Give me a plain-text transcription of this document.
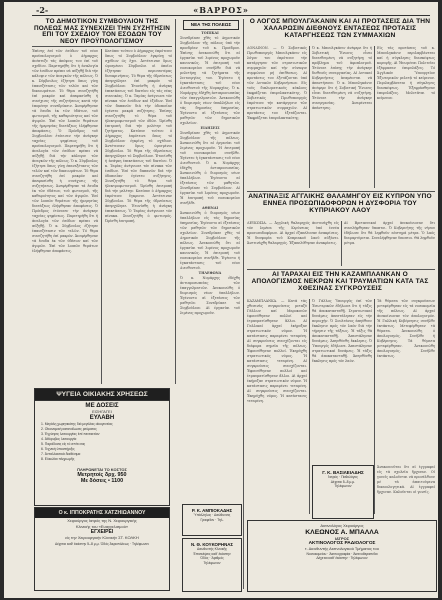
-2-	«ΒΑΡΡΟΣ»
ΤΟ ΔΗΜΟΤΙΚΟΝ ΣΥΜΒΟΥΛΙΟΝ ΤΗΣ ΠΟΛΕΩΣ ΜΑΣ ΣΥΝΕΧΙΖΕΙ ΤΗΝ ΣΥΖΗΤΗΣΙΝ ΕΠΙ ΤΟΥ ΣΧΕΔΙΟΥ ΤΟΝ ΕΣΟΔΩΝ ΤΟΥ ΝΕΟΥ ΠΡΟΫΠΟΛΟΓΙΣΜΟΥ
Ἐπίσης ἐπί τῶν ἐσόδων τοῦ νέου προϋπολογισμοῦ ὁ Δήμαρχος ἀνέπτυξε τάς ἀπόψεις του ἐπί τοῦ σχεδίου. Παρετηρήθη ὅτι ἡ ἀναλογία τῶν ἐσόδων πρέπει νά αὐξηθῇ διά τήν κάλυψιν τῶν ἀναγκῶν τῆς πόλεως. Ὁ κ. Σύμβουλος ἐζήτησε ὅπως γίνῃ ἐπανεξέτασις τῶν τελῶν καί τῶν δικαιωμάτων. Τό θέμα συνεζητήθη ἐπί μακρόν καί ἀπεφασίσθη ἡ συνέχισις τῆς συζητήσεως κατά τήν ἑπομένην συνεδρίασιν. Ἀνεφέρθησαν τά ἔσοδα ἐκ τῶν ὑδάτων, τοῦ φωτισμοῦ, τῆς καθαριότητος καί τῶν ἀγορῶν. Ἐπί τῶν λοιπῶν θεμάτων τῆς ἡμερησίας διατάξεως ἐλήφθησαν ἀποφάσεις. Ὁ Πρόεδρος τοῦ Συμβουλίου ἐτόνισεν τήν ἀνάγκην ταχείας ψηφίσεως τοῦ προϋπολογισμοῦ. Παρετηρήθη ὅτι ἡ ἀναλογία τῶν ἐσόδων πρέπει νά αὐξηθῇ διά τήν κάλυψιν τῶν ἀναγκῶν τῆς πόλεως. Ὁ κ. Σύμβουλος ἐζήτησε ὅπως γίνῃ ἐπανεξέτασις τῶν τελῶν καί τῶν δικαιωμάτων. Τό θέμα συνεζητήθη ἐπί μακρόν καί ἀπεφασίσθη ἡ συνέχισις τῆς συζητήσεως. Ἀνεφέρθησαν τά ἔσοδα ἐκ τῶν ὑδάτων, τοῦ φωτισμοῦ, τῆς καθαριότητος καί τῶν ἀγορῶν. Ἐπί τῶν λοιπῶν θεμάτων τῆς ἡμερησίας διατάξεως ἐλήφθησαν ἀποφάσεις. Ὁ Πρόεδρος ἐτόνισεν τήν ἀνάγκην ταχείας ψηφίσεως. Παρετηρήθη ὅτι ἡ ἀναλογία τῶν ἐσόδων πρέπει νά αὐξηθῇ. Ὁ κ. Σύμβουλος ἐζήτησε ἐπανεξέτασιν τῶν τελῶν. Τό θέμα συνεζητήθη ἐπί μακρόν. Ἀνεφέρθησαν τά ἔσοδα ἐκ τῶν ὑδάτων καί τῶν ἀγορῶν. Ἐπί τῶν λοιπῶν θεμάτων ἐλήφθησαν ἀποφάσεις.
Κατόπιν τούτου ὁ Δήμαρχος ἐπρότεινε ὅπως τό Συμβούλιον ἐγκρίνῃ τό σχέδιον ὡς ἔχει. Ἀντέτειναν ὅμως ὡρισμένοι Σύμβουλοι οἱ ὁποῖοι ἐζήτησαν περισσοτέρας διευκρινήσεις. Τό θέμα τῆς ὑδρεύσεως ἀπησχόλησε ἐπί μακρόν τό Συμβούλιον. Ἐτονίσθη ἡ ἀνάγκη ἐπεκτάσεως τοῦ δικτύου εἰς τάς νέας συνοικίας. Ὁ κ. Ταμίας ἀνέγνωσε τόν πίνακα τῶν ἐσόδων καί ἐξόδων. Ἐπί τῶν δαπανῶν διά τήν ὁδοποιΐαν ἐγένετο μακρά συζήτησις. Ἐπίσης συνεζητήθη τό θέμα τοῦ ἠλεκτροφωτισμοῦ τῶν ὁδῶν. Ὡρίσθη ἐπιτροπή διά τήν μελέτην τοῦ ζητήματος. Κατόπιν τούτου ὁ Δήμαρχος ἐπρότεινε ὅπως τό Συμβούλιον ἐγκρίνῃ τό σχέδιον. Ἀντέτειναν ὅμως ὡρισμένοι Σύμβουλοι. Τό θέμα τῆς ὑδρεύσεως ἀπησχόλησε τό Συμβούλιον. Ἐτονίσθη ἡ ἀνάγκη ἐπεκτάσεως τοῦ δικτύου. Ὁ κ. Ταμίας ἀνέγνωσε τόν πίνακα τῶν ἐσόδων. Ἐπί τῶν δαπανῶν διά τήν ὁδοποιΐαν ἐγένετο συζήτησις. Συνεζητήθη τό θέμα τοῦ ἠλεκτροφωτισμοῦ. Ὡρίσθη ἐπιτροπή διά τήν μελέτην. Κατόπιν ὁ Δήμαρχος ἐπρότεινε ἔγκρισιν. Ἀντέτειναν Σύμβουλοι. Τό θέμα τῆς ὑδρεύσεως ἀπησχόλησε. Ἐτονίσθη ἡ ἀνάγκη ἐπεκτάσεως. Ὁ Ταμίας ἀνέγνωσε τόν πίνακα. Συνεζητήθη ὁ φωτισμός. Ὡρίσθη ἐπιτροπή.
ΝΕΑ ΤΗΣ ΠΟΛΕΩΣ
ΤΟΠΙΚΑΙ
Συνεδρίασε χθές τό Δημοτικόν Συμβούλιον τῆς πόλεως ὑπό τήν προεδρίαν τοῦ κ. Προέδρου. Ἐπίσης ἀνεκοινώθη ὅτι αἱ ἐργασίαι τοῦ λιμένος προχωροῦν κανονικῶς. Ἡ ἐπιτροπή τοῦ νοσοκομείου συνῆλθε διά νά μελετήσῃ τά ζητήματα τῆς λειτουργίας του. Ἐγένετο ἡ ἐγκατάστασις τοῦ νέου Διευθυντοῦ τῆς Νομαρχίας. Ὁ κ. Νομάρχης ἐδέχθη ἀντιπροσωπείας τῶν ἐπαγγελματιῶν. Ἀνεκοινώθη ὁ διορισμός νέων ὑπαλλήλων εἰς τάς δημοσίας ὑπηρεσίας. Ἐγένοντο αἱ ἐξετάσεις τῶν μαθητῶν τῶν δημοτικῶν σχολείων.
ΕΙΔΗΣΕΙΣ
Συνεδρίασε χθές τό Δημοτικόν Συμβούλιον τῆς πόλεως. Ἀνεκοινώθη ὅτι αἱ ἐργασίαι τοῦ λιμένος προχωροῦν. Ἡ ἐπιτροπή τοῦ νοσοκομείου συνῆλθε. Ἐγένετο ἡ ἐγκατάστασις τοῦ νέου Διευθυντοῦ. Ὁ κ. Νομάρχης ἐδέχθη ἀντιπροσωπείας. Ἀνεκοινώθη ὁ διορισμός νέων ὑπαλλήλων. Ἐγένοντο αἱ ἐξετάσεις τῶν μαθητῶν. Συνεδρίασε τό Συμβούλιον. Αἱ ἐργασίαι τοῦ λιμένος προχωροῦν. Ἡ ἐπιτροπή τοῦ νοσοκομείου συνῆλθε.
ΑΘΗΝΑΙ
Ἀνεκοινώθη ὁ διορισμός νέων ὑπαλλήλων εἰς τάς δημοσίας ὑπηρεσίας. Ἐγένοντο αἱ ἐξετάσεις τῶν μαθητῶν τῶν δημοτικῶν σχολείων. Συνεδρίασε χθές τό Δημοτικόν Συμβούλιον τῆς πόλεως. Ἀνεκοινώθη ὅτι αἱ ἐργασίαι τοῦ λιμένος προχωροῦν κανονικῶς. Ἡ ἐπιτροπή τοῦ νοσοκομείου συνῆλθε. Ἐγένετο ἡ ἐγκατάστασις τοῦ νέου Διευθυντοῦ.
ΤΗΛΕΦΩΝΑ
Ὁ κ. Νομάρχης ἐδέχθη ἀντιπροσωπείας τῶν ἐπαγγελματιῶν. Ἀνεκοινώθη ὁ διορισμός νέων ὑπαλλήλων. Ἐγένοντο αἱ ἐξετάσεις τῶν μαθητῶν. Συνεδρίασε τό Συμβούλιον. Αἱ ἐργασίαι τοῦ λιμένος προχωροῦν.
Ο ΛΟΓΟΣ ΜΠΟΥΛΓΑΚΑΝΙΝ ΚΑΙ ΑΙ ΠΡΟΤΑΣΕΙΣ ΔΙΑ ΤΗΝ ΧΑΛΑΡΩΣΙΝ ΔΙΕΘΝΟΥΣ ΕΝΤΑΣΕΩΣ ΠΡΟΤΑΣΙΣ ΚΑΤΑΡΓΗΣΕΩΣ ΤΩΝ ΣΥΜΜΑΧΙΩΝ
ΛΟΝΔΙΝΟΝ. — Ὁ Σοβιετικός Πρωθυπουργός Μπουλγκάνιν εἰς λόγον του ἐπρότεινε τήν κατάργησιν τῶν στρατιωτικῶν συμμαχιῶν καί τήν σύναψιν συμφώνου μή ἐπιθέσεως. Αἱ προτάσεις του ἐξετάζονται ὑπό τῶν Δυτικῶν Κυβερνήσεων. Εἰς τούς διπλωματικούς κύκλους ἐκφράζεται ἐπιφυλακτικότης. Ὁ Σοβιετικός Πρωθυπουργός ἐπρότεινε τήν κατάργησιν τῶν στρατιωτικῶν συμμαχιῶν. Αἱ προτάσεις του ἐξετάζονται. Ἐκφράζεται ἐπιφυλακτικότης.
Ὁ κ. Μπουλγκάνιν ἀνέφερε ὅτι ἡ Σοβιετική Ἕνωσις εἶναι διατεθειμένη νά συζητήσῃ τό πρόβλημα τοῦ ἀφοπλισμοῦ. Ἐτόνισε ἐπίσης τήν ἀνάγκην διεθνοῦς συνεργασίας. Αἱ Δυτικαί Κυβερνήσεις ἀναμένεται νά ἀπαντήσουν. Ὁ κ. Μπουλγκάνιν ἀνέφερε ὅτι ἡ Σοβιετική Ἕνωσις εἶναι διατεθειμένη νά συζητήσῃ. Ἐτόνισε τήν ἀνάγκην συνεργασίας. Ἀναμένεται ἀπάντησις.
Εἰς τάς προτάσεις τοῦ κ. Μπουλγκάνιν περιλαμβάνεται καί ἡ σύγκλησις διασκέψεως κορυφῆς. Αἱ Ἡνωμέναι Πολιτεῖαι ἐξέφρασαν ἐπιφυλάξεις. Τό Ἀγγλικόν Ὑπουργεῖον Ἐξωτερικῶν μελετᾷ τό κείμενον. Περιλαμβάνεται ἡ σύγκλησις διασκέψεως. Ἐξεφράσθησαν ἐπιφυλάξεις. Μελετᾶται τό κείμενον.
ΑΝΑΤΙΝΑΞΙΣ ΑΓΓΛΙΚΗΣ ΘΑΛΑΜΗΓΟΥ ΕΙΣ ΚΥΠΡΟΝ ΥΠΟ ΕΝΝΕΑ ΠΡΟΣΩΠΙΔΟΦΟΡΩΝ Η ΔΥΣΦΟΡΙΑ ΤΟΥ ΚΥΠΡΙΑΚΟΥ ΛΑΟΥ
ΛΕΥΚΩΣΙΑ. — Ἀγγλική θαλαμηγός ἀνετινάχθη εἰς τόν λιμένα τῆς Κερύνειας ὑπό ἐννέα προσωπιδοφόρων. Αἱ ἀρχαί ἐξαπέλυσαν ἀνακρίσεις. Ἡ δυσφορία τοῦ Κυπριακοῦ λαοῦ αὐξάνει. Ἀνετινάχθη θαλαμηγός. Ἐξαπελύθησαν ἀνακρίσεις.
Αἱ Βρεταννικαί ἀρχαί ἀνεκοίνωσαν ὅτι συνελήφθησαν ὕποπτοι. Ὁ Κυβερνήτης τῆς νήσου ἐδήλωσε ὅτι θά ληφθοῦν αὐστηρά μέτρα. Ὁ λαός διαμαρτύρεται. Συνελήφθησαν ὕποπτοι. Θά ληφθοῦν μέτρα.
ΑΙ ΤΑΡΑΧΑΙ ΕΙΣ ΤΗΝ ΚΑΖΑΜΠΛΑΝΚΑΝ Ο ΑΠΟΛΟΓΙΣΜΟΣ ΝΕΚΡΩΝ ΚΑΙ ΤΡΑΥΜΑΤΙΩΝ ΚΑΤΑ ΤΑΣ ΧΘΕΣΙΝΑΣ ΣΥΓΚΡΟΥΣΕΙΣ
ΚΑΖΑΜΠΛΑΝΚΑ. — Κατά τάς χθεσινάς συγκρούσεις μεταξύ Γάλλων καί Μαροκινῶν ἐφονεύθησαν πολλοί καί ἐτραυματίσθησαν ἄλλοι. Αἱ Γαλλικαί ἀρχαί ἐκήρυξαν στρατιωτικόν νόμον. Ἡ κατάστασις παραμένει τεταμένη. Αἱ συγκρούσεις συνεχίζονται εἰς διάφορα σημεῖα τῆς πόλεως. Ἐφονεύθησαν πολλοί. Ἐκηρύχθη στρατιωτικός νόμος. Ἡ κατάστασις τεταμένη. Αἱ συγκρούσεις συνεχίζονται. Ἐφονεύθησαν πολλοί καί ἐτραυματίσθησαν ἄλλοι. Αἱ ἀρχαί ἐκήρυξαν στρατιωτικόν νόμον. Ἡ κατάστασις παραμένει τεταμένη. Αἱ συγκρούσεις συνεχίζονται. Ἐκηρύχθη νόμος. Ἡ κατάστασις τεταμένη.
Ὁ Γάλλος Ὑπουργός ἐπί τῶν Ἐσωτερικῶν ἐδήλωσε ὅτι ἡ τάξις θά ἀποκατασταθῇ. Στρατιωτικαί δυνάμεις ἀπεστάλησαν εἰς τήν περιοχήν. Ὁ Σουλτάνος ἀπηύθυνε ἔκκλησιν πρός τόν λαόν διά τήν τήρησιν τῆς τάξεως. Ἡ τάξις θά ἀποκατασταθῇ. Ἀπεστάλησαν δυνάμεις. Ἀπηυθύνθη ἔκκλησις. Ὁ Ὑπουργός ἐδήλωσε. Ἀπεστάλησαν στρατιωτικαί δυνάμεις. Ἡ τάξις θά ἀποκατασταθῇ. Ἀπηυθύνθη ἔκκλησις πρός τόν λαόν.
Τά θύματα τῶν συγκρούσεων μετεφέρθησαν εἰς τά νοσοκομεῖα τῆς πόλεως. Αἱ ἀρχαί ἀνεκοίνωσαν τόν ἀπολογισμόν. Ἡ Γαλλική Κυβέρνησις συνῆλθε ἐκτάκτως. Μετεφέρθησαν τά θύματα. Ἀνεκοινώθη ὁ ἀπολογισμός. Συνῆλθε ἡ Κυβέρνησις. Τά θύματα μετεφέρθησαν. Ἀνεκοινώθη ἀπολογισμός. Συνῆλθε ἐκτάκτως.
ΨΥΓΕΙΑ ΟΙΚΙΑΚΗΣ ΧΡΗΣΕΩΣ
ΜΕ ΔΟΣΕΙΣ
ΕΙΣΗΓΑΓΕΙ
ΕΥΛΑΒΗ
1. Μεγάλη χωρητικότης διά μεγάλας οἰκογενείας
2. Οἰκονομική κατανάλωσις ρεύματος
3. Ἐγγύησις λειτουργίας ἐπί πενταετίαν
4. Ἀθόρυβος λειτουργία
5. Παράδοσις εἰς τό σπίτι σας
6. Τεχνική ὑποστήριξις
7. Ἀνταλλακτικά διαθέσιμα
8. Εὐκολίαι πληρωμῆς
ΠΛΗΡΩΝΕΤΑΙ ΤΟ ΚΟΣΤΟΣ
Μετρητοίς δρχ. 950
Με δόσεις • 1100
Ο κ. ΙΠΠΟΚΡΑΤΗΣ ΧΑΤΖΗΙΩΑΝΝΟΥ
Χειρούργος Ιατρός της Ν. Χειρουργικής
Κλινικής του «Ευαγγελισμού»
ΕΓΧΕΙΡΕΙ
είς την Χειρουργικήν Κλινικήν ΣΤ. ΚΟΛΚΗ
Δέχεται καθ' ἑκάστην 5–8 μ.μ. Ὁδός Ἀκροπόλεως · Τηλέφωνον
Ρ. Κ. ΑΜΠΙΟΚΑΔΗΣ
Ὑπάλληλος · Διεύθυνσις
Γραφεῖον · Τηλ.
Ν. Θ. ΚΟΥΚΟΡΗΝΑΣ
Διευθυντής Κλινικῆς
Ἐπισκέψεις καθ' ἑκάστην
Ὁδός · Ἀριθμός
Τηλέφωνον
Γ. Κ. ΒΑΣΙΛΕΙΑΔΗΣ
Ἰατρός · Παθολόγος
Δέχεται 5–8 μ.μ.
Τηλέφωνον
Ἀνακοινοῦται ὅτι αἱ ἐγγραφαί εἰς τά σχολεῖα ἤρχισαν. Οἱ γονεῖς καλοῦνται νά προσέλθουν μέ τά ἀπαιτούμενα δικαιολογητικά. Αἱ ἐγγραφαί ἤρχισαν. Καλοῦνται οἱ γονεῖς.
Ακτινολόγος Χειρούργος
ΚΛΕΩΝΟΣ Α. ΜΠΑΛΛΑ
ΙΑΤΡΟΣ
ΑΚΤΙΝΟΛΟΓΟΣ ΡΑΔΙΟΛΟΓΟΣ
τ. Διευθυντής Ακτινολογικού Τμήματος του
Νοσοκομείου · Ἀκτινογραφίαι · Ἀκτινοθεραπεῖαι
Δέχεται καθ' ἑκάστην · Τηλέφωνον
